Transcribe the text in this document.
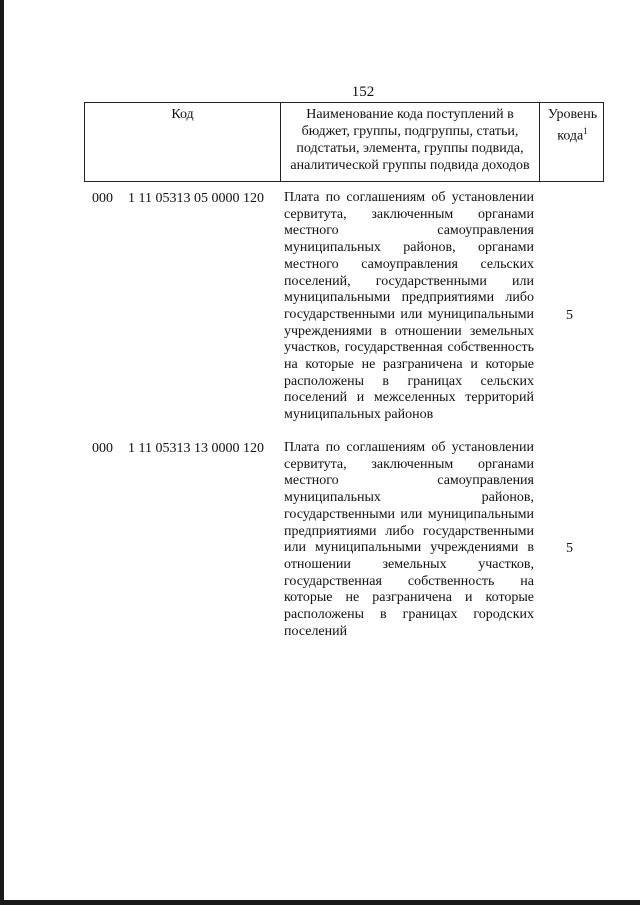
152
Код	Наименование кода поступлений в бюджет, группы, подгруппы, статьи, подстатьи, элемента, группы подвида, аналитической группы подвида доходов
Уровень кода$^1$
000 1 11 05313 05 0000 120 Плата по соглашениям об установлении сервитута, заключенным органами местного самоуправления муниципальных районов, органами местного самоуправления сельских поселений, государственными или муниципальными предприятиями либо государственными или муниципальными учреждениями в отношении земельных участков, государственная собственность на которые не разграничена и которые расположены в границах сельских поселений и межселенных территорий муниципальных районов
5
000 1 11 05313 13 0000 120 Плата по соглашениям об установлении сервитута, заключенным органами местного самоуправления муниципальных районов, государственными или муниципальными предприятиями либо государственными или муниципальными учреждениями в отношении земельных участков, государственная собственность на которые не разграничена и которые расположены в границах городских поселений
5
